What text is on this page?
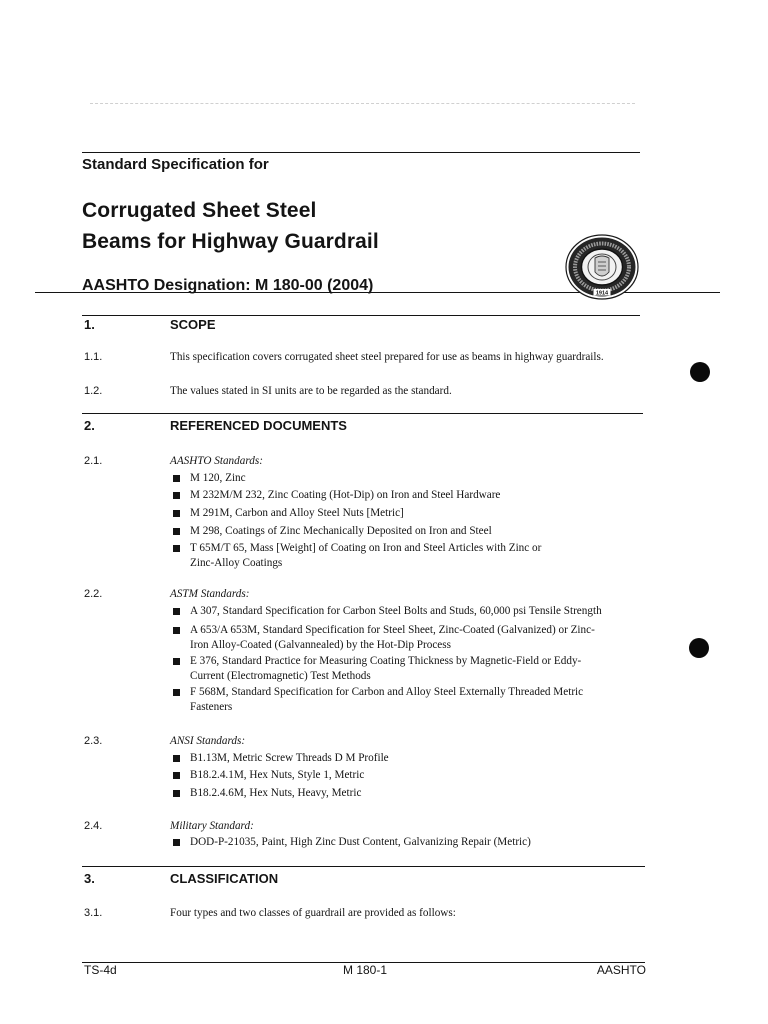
Standard Specification for
Corrugated Sheet Steel
Beams for Highway Guardrail
AASHTO Designation: M 180-00 (2004)	1914
1.	SCOPE
1.1.	This specification covers corrugated sheet steel prepared for use as beams in highway guardrails.
1.2.	The values stated in SI units are to be regarded as the standard.
2.	REFERENCED DOCUMENTS
2.1.	AASHTO Standards:
M 120, Zinc
M 232M/M 232, Zinc Coating (Hot-Dip) on Iron and Steel Hardware
M 291M, Carbon and Alloy Steel Nuts [Metric]
M 298, Coatings of Zinc Mechanically Deposited on Iron and Steel
T 65M/T 65, Mass [Weight] of Coating on Iron and Steel Articles with Zinc or
Zinc-Alloy Coatings
2.2.	ASTM Standards:
A 307, Standard Specification for Carbon Steel Bolts and Studs, 60,000 psi Tensile Strength
A 653/A 653M, Standard Specification for Steel Sheet, Zinc-Coated (Galvanized) or Zinc-
Iron Alloy-Coated (Galvannealed) by the Hot-Dip Process
E 376, Standard Practice for Measuring Coating Thickness by Magnetic-Field or Eddy-
Current (Electromagnetic) Test Methods
F 568M, Standard Specification for Carbon and Alloy Steel Externally Threaded Metric
Fasteners
2.3.	ANSI Standards:
B1.13M, Metric Screw Threads D M Profile
B18.2.4.1M, Hex Nuts, Style 1, Metric
B18.2.4.6M, Hex Nuts, Heavy, Metric
2.4.	Military Standard:
DOD-P-21035, Paint, High Zinc Dust Content, Galvanizing Repair (Metric)
3.	CLASSIFICATION
3.1.	Four types and two classes of guardrail are provided as follows:
TS-4d	M 180-1	AASHTO
